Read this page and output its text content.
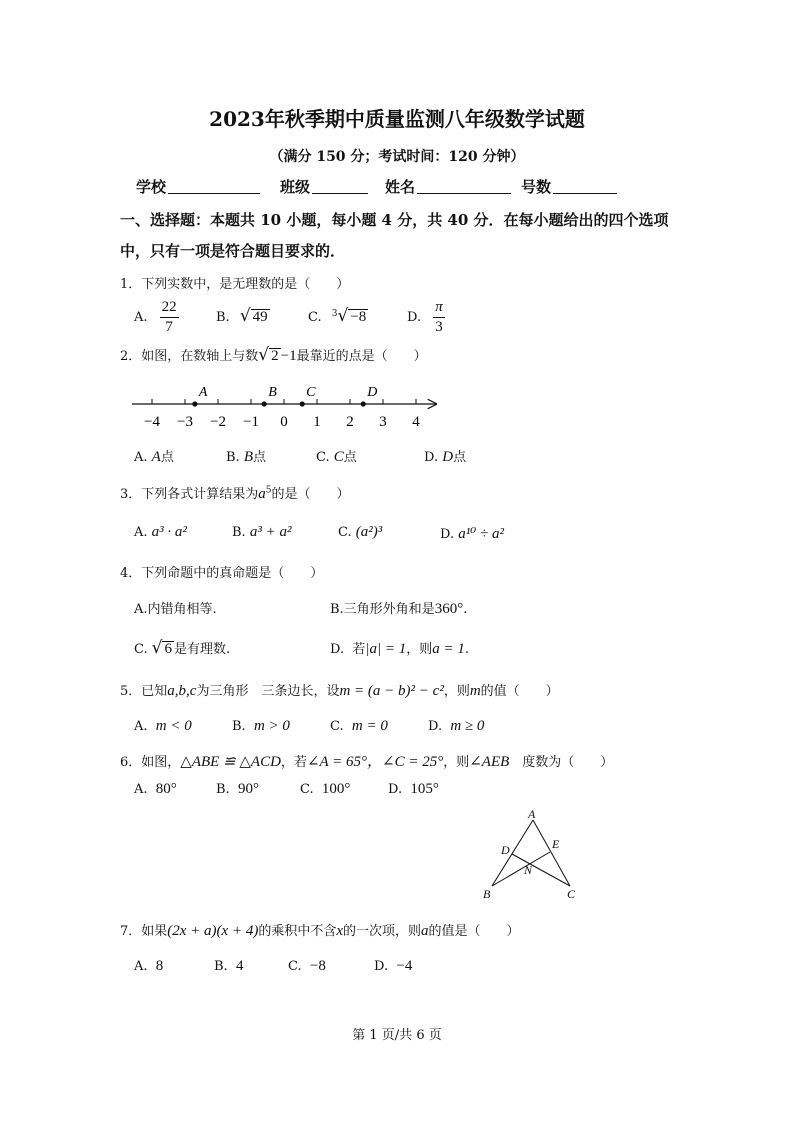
2023年秋季期中质量监测八年级数学试题
（满分 150 分；考试时间：120 分钟）
学校	班级	姓名	号数
一、选择题：本题共 10 小题，每小题 4 分，共 40 分．在每小题给出的四个选项
中，只有一项是符合题目要求的．
1．下列实数中，是无理数的是（　　）
A. $\frac{22}{7}$	B. √ 49	C. $^3$√ −8	D. $\frac{\pi}{3}$
2．如图，在数轴上与数√ 2 −1最靠近的点是（　　）
−4 −3 −2 −1 0 1 2 3 4
A	B C	D
A. A点	B. B点	C. C点	D. D点
3．下列各式计算结果为$a^5$的是（　　）
A. a³ · a²	B. a³ + a²	C. (a²)³	D. a¹⁰ ÷ a²
4．下列命题中的真命题是（　　）
A.内错角相等.	B.三角形外角和是360°.
C. √ 6 是有理数.	D. 若|a| = 1，则a = 1.
5．已知a,b,c为三角形　三条边长，设m = (a − b)² − c²，则m的值（　　）
A. m < 0	B. m > 0	C. m = 0	D. m ≥ 0
6．如图，△ABE ≌ △ACD，若∠A = 65°，∠C = 25°，则∠AEB　度数为（　　）
A. 80°	B. 90°	C. 100°	D. 105°
A
D	E
N
B	C
7．如果(2x + a)(x + 4)的乘积中不含x的一次项，则a的值是（　　）
A. 8	B. 4	C. −8	D. −4
第 1 页/共 6 页
